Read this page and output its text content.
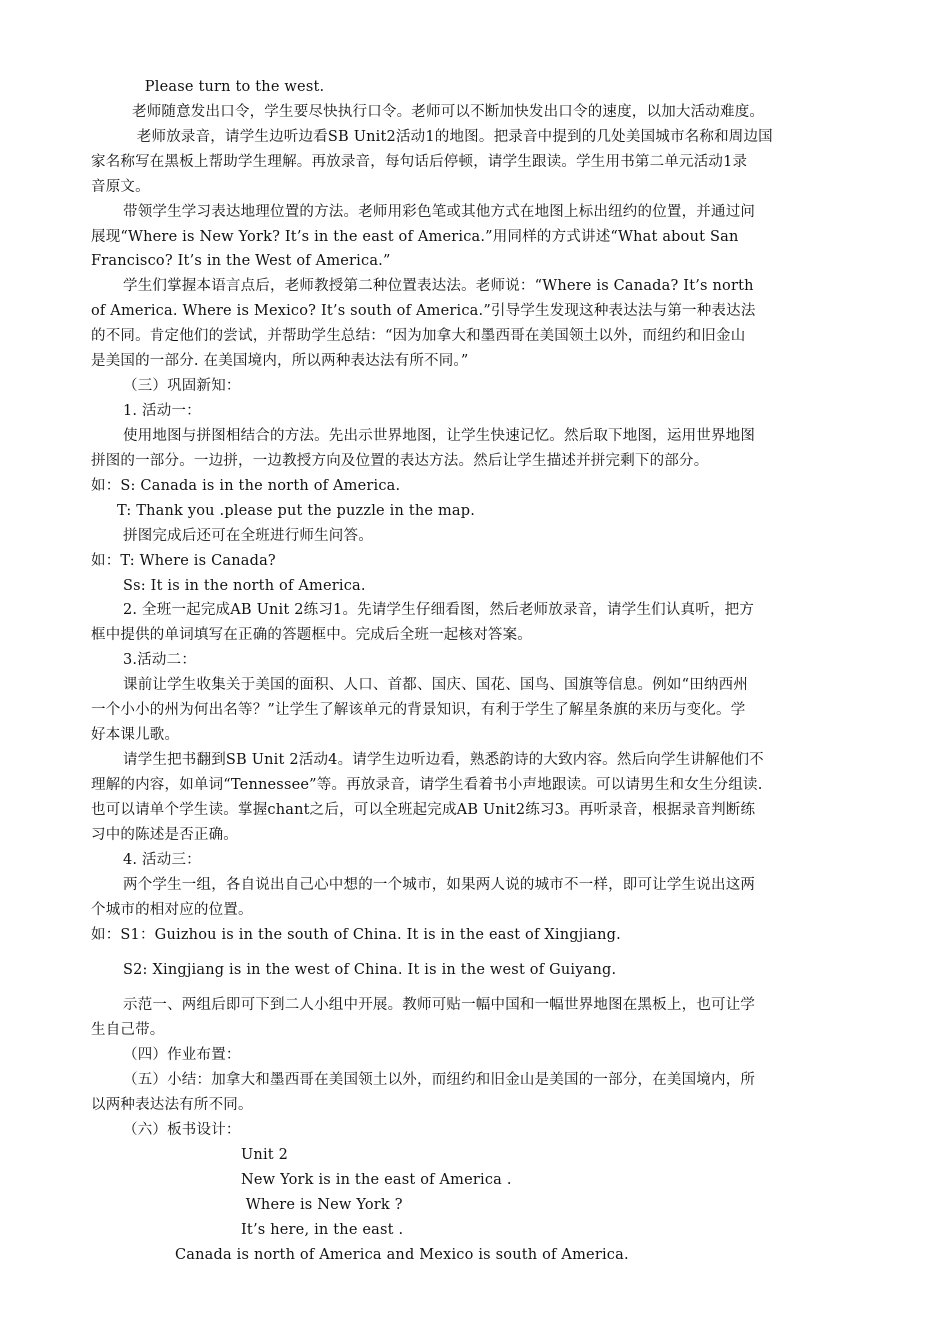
Please turn to the west.
老师随意发出口令，学生要尽快执行口令。老师可以不断加快发出口令的速度，以加大活动难度。
老师放录音，请学生边听边看SB Unit2活动1的地图。把录音中提到的几处美国城市名称和周边国
家名称写在黑板上帮助学生理解。再放录音，每句话后停顿，请学生跟读。学生用书第二单元活动1录
音原文。
带领学生学习表达地理位置的方法。老师用彩色笔或其他方式在地图上标出纽约的位置，并通过问
展现“Where is New York? It’s in the east of America.”用同样的方式讲述“What about San
Francisco? It’s in the West of America.”
学生们掌握本语言点后，老师教授第二种位置表达法。老师说：“Where is Canada? It’s north
of America. Where is Mexico? It’s south of America.”引导学生发现这种表达法与第一种表达法
的不同。肯定他们的尝试，并帮助学生总结：“因为加拿大和墨西哥在美国领土以外，而纽约和旧金山
是美国的一部分. 在美国境内，所以两种表达法有所不同。”
（三）巩固新知：
1. 活动一：
使用地图与拼图相结合的方法。先出示世界地图，让学生快速记忆。然后取下地图，运用世界地图
拼图的一部分。一边拼，一边教授方向及位置的表达方法。然后让学生描述并拼完剩下的部分。
如：S: Canada is in the north of America.
T: Thank you .please put the puzzle in the map.
拼图完成后还可在全班进行师生问答。
如：T: Where is Canada?
Ss: It is in the north of America.
2. 全班一起完成AB Unit 2练习1。先请学生仔细看图，然后老师放录音，请学生们认真听，把方
框中提供的单词填写在正确的答题框中。完成后全班一起核对答案。
3.活动二：
课前让学生收集关于美国的面积、人口、首都、国庆、国花、国鸟、国旗等信息。例如“田纳西州
一个小小的州为何出名等？”让学生了解该单元的背景知识，有利于学生了解星条旗的来历与变化。学
好本课儿歌。
请学生把书翻到SB Unit 2活动4。请学生边听边看，熟悉韵诗的大致内容。然后向学生讲解他们不
理解的内容，如单词“Tennessee”等。再放录音，请学生看着书小声地跟读。可以请男生和女生分组读.
也可以请单个学生读。掌握chant之后，可以全班起完成AB Unit2练习3。再听录音，根据录音判断练
习中的陈述是否正确。
4. 活动三：
两个学生一组，各自说出自己心中想的一个城市，如果两人说的城市不一样，即可让学生说出这两
个城市的相对应的位置。
如：S1：Guizhou is in the south of China. It is in the east of Xingjiang.
S2: Xingjiang is in the west of China. It is in the west of Guiyang.
示范一、两组后即可下到二人小组中开展。教师可贴一幅中国和一幅世界地图在黑板上，也可让学
生自己带。
（四）作业布置：
（五）小结：加拿大和墨西哥在美国领土以外，而纽约和旧金山是美国的一部分，在美国境内，所
以两种表达法有所不同。
（六）板书设计：
Unit 2
New York is in the east of America .
Where is New York ?
It’s here, in the east .
Canada is north of America and Mexico is south of America.
